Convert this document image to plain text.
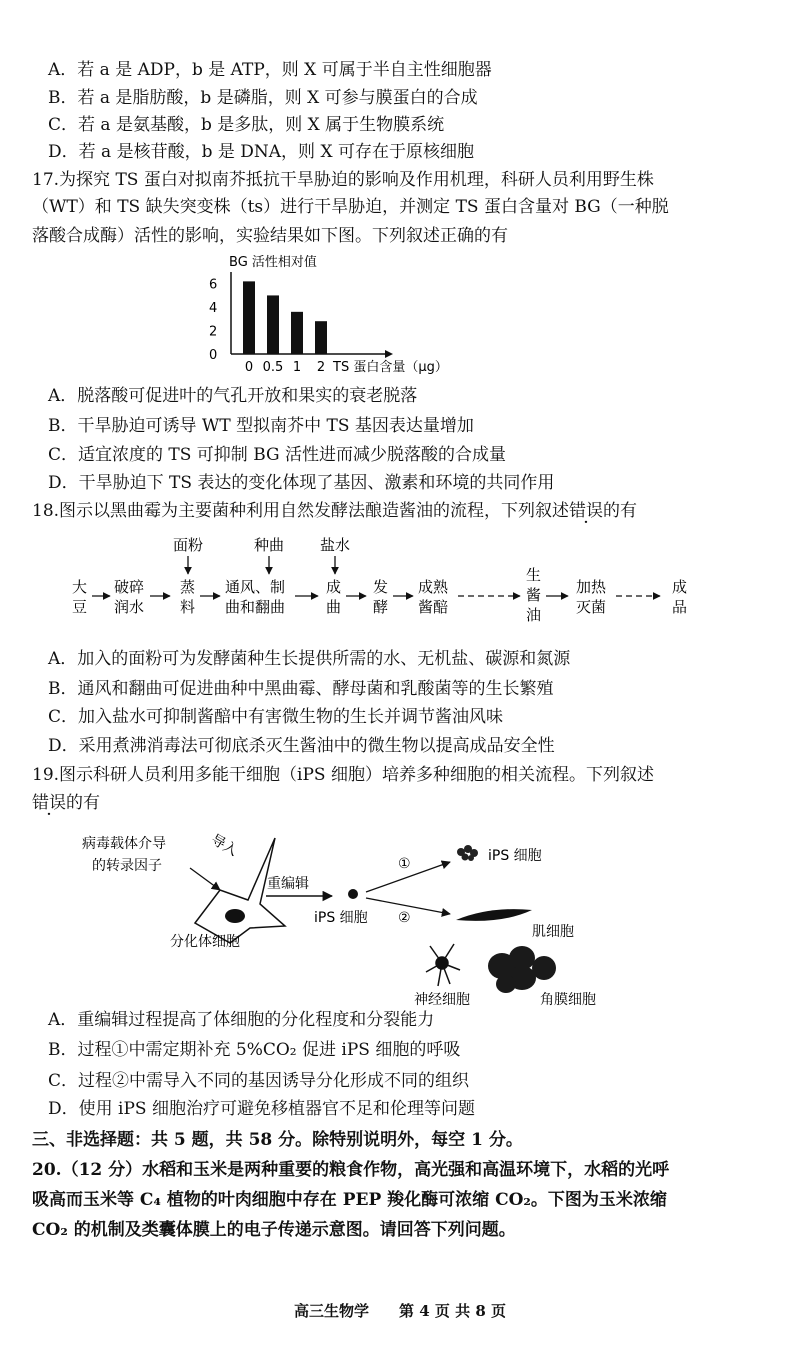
A．若 a 是 ADP，b 是 ATP，则 X 可属于半自主性细胞器
B．若 a 是脂肪酸，b 是磷脂，则 X 可参与膜蛋白的合成
C．若 a 是氨基酸，b 是多肽，则 X 属于生物膜系统
D．若 a 是核苷酸，b 是 DNA，则 X 可存在于原核细胞
17.为探究 TS 蛋白对拟南芥抵抗干旱胁迫的影响及作用机理，科研人员利用野生株
（WT）和 TS 缺失突变株（ts）进行干旱胁迫，并测定 TS 蛋白含量对 BG（一种脱
落酸合成酶）活性的影响，实验结果如下图。下列叙述正确的有
BG 活性相对值
0
2
4
6
0 0.5 1 2 TS 蛋白含量（μg）
A．脱落酸可促进叶的气孔开放和果实的衰老脱落
B．干旱胁迫可诱导 WT 型拟南芥中 TS 基因表达量增加
C．适宜浓度的 TS 可抑制 BG 活性进而减少脱落酸的合成量
D．干旱胁迫下 TS 表达的变化体现了基因、激素和环境的共同作用
18.图示以黑曲霉为主要菌种利用自然发酵法酿造酱油的流程，下列叙述错误的有
面粉	种曲 盐水
大
豆
破碎
润水
蒸
料
通风、制
曲和翻曲
成
曲
发
酵
成熟
酱醅
生
酱
油
加热
灭菌
成
品
A．加入的面粉可为发酵菌种生长提供所需的水、无机盐、碳源和氮源
B．通风和翻曲可促进曲种中黑曲霉、酵母菌和乳酸菌等的生长繁殖
C．加入盐水可抑制酱醅中有害微生物的生长并调节酱油风味
D．采用煮沸消毒法可彻底杀灭生酱油中的微生物以提高成品安全性
19.图示科研人员利用多能干细胞（iPS 细胞）培养多种细胞的相关流程。下列叙述
错误的有
病毒载体介导
的转录因子
导入
分化体细胞
重编辑
iPS 细胞
①
②
iPS 细胞
肌细胞
神经细胞	角膜细胞
A．重编辑过程提高了体细胞的分化程度和分裂能力
B．过程①中需定期补充 5%CO₂ 促进 iPS 细胞的呼吸
C．过程②中需导入不同的基因诱导分化形成不同的组织
D．使用 iPS 细胞治疗可避免移植器官不足和伦理等问题
三、非选择题：共 5 题，共 58 分。除特别说明外，每空 1 分。
20.（12 分）水稻和玉米是两种重要的粮食作物，高光强和高温环境下，水稻的光呼
吸高而玉米等 C₄ 植物的叶肉细胞中存在 PEP 羧化酶可浓缩 CO₂。下图为玉米浓缩
CO₂ 的机制及类囊体膜上的电子传递示意图。请回答下列问题。
高三生物学　　第 4 页 共 8 页
